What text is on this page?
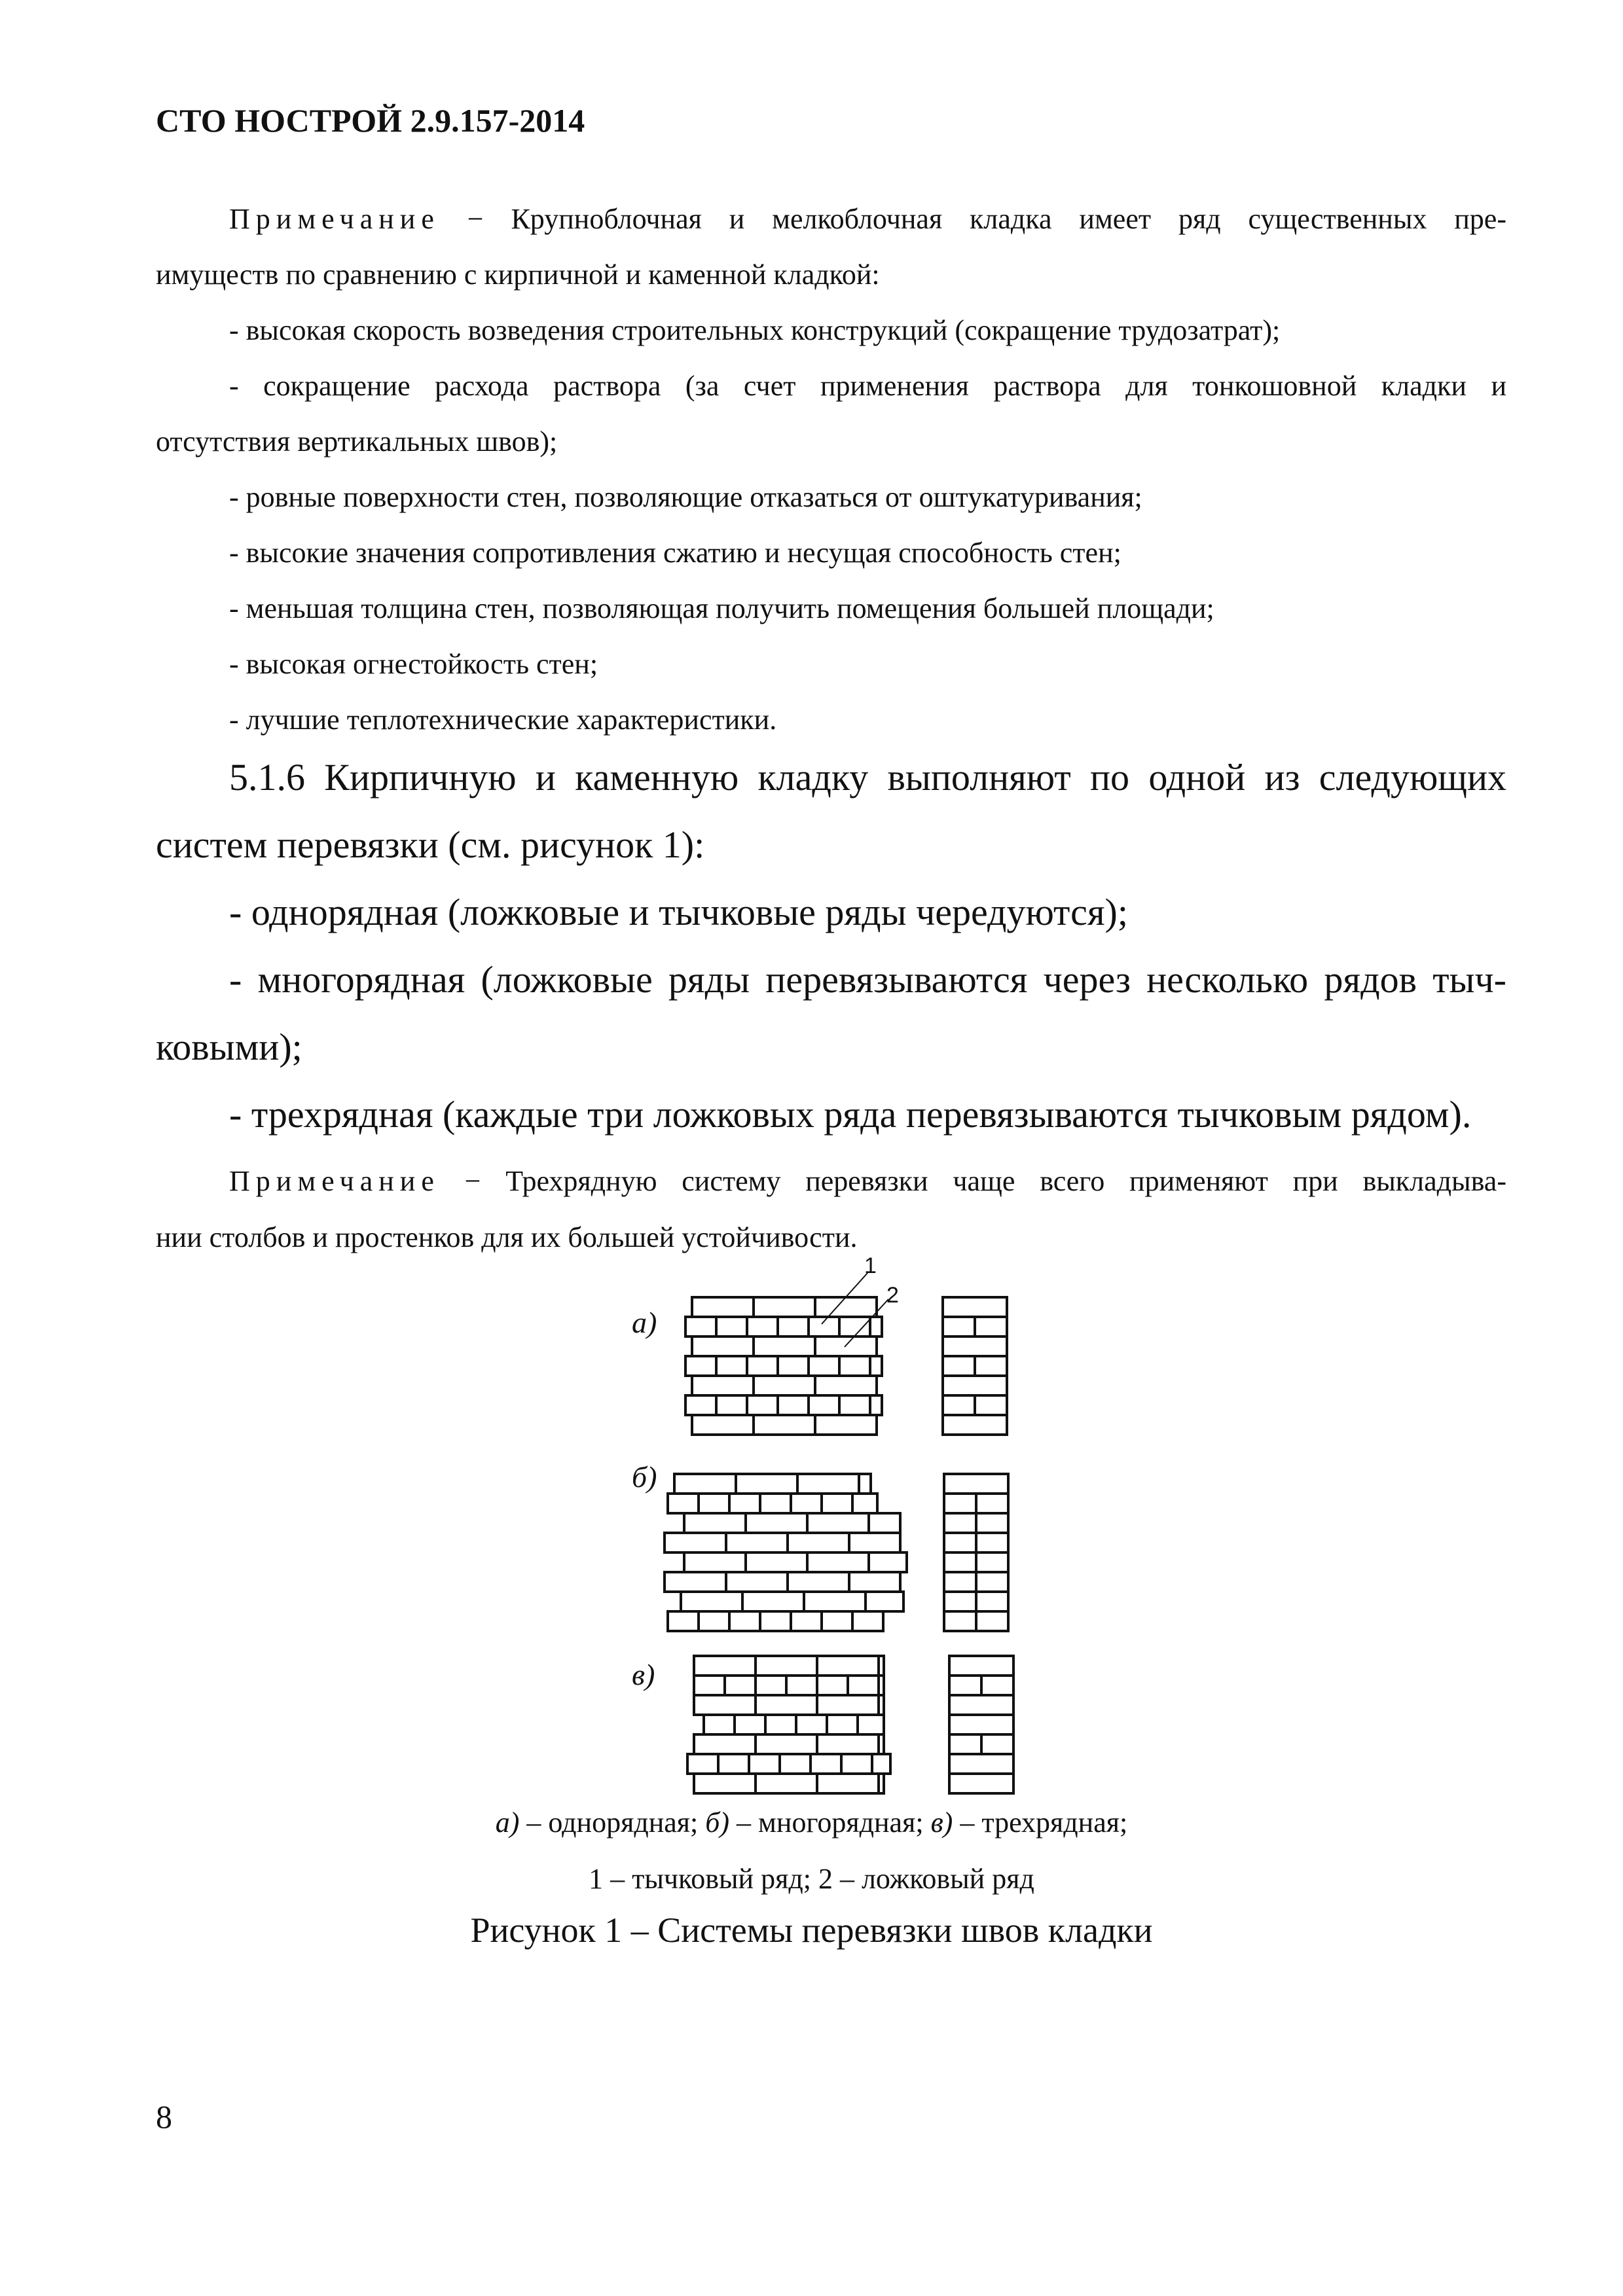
СТО НОСТРОЙ 2.9.157-2014

Примечание − Крупноблочная и мелкоблочная кладка имеет ряд существенных пре-

имуществ по сравнению с кирпичной и каменной кладкой:

- высокая скорость возведения строительных конструкций (сокращение трудозатрат);

- сокращение расхода раствора (за счет применения раствора для тонкошовной кладки и

отсутствия вертикальных швов);

- ровные поверхности стен, позволяющие отказаться от оштукатуривания;

- высокие значения сопротивления сжатию и несущая способность стен;

- меньшая толщина стен, позволяющая получить помещения большей площади;

- высокая огнестойкость стен;

- лучшие теплотехнические характеристики.

5.1.6 Кирпичную и каменную кладку выполняют по одной из следующих

систем перевязки (см. рисунок 1):

- однорядная (ложковые и тычковые ряды чередуются);

- многорядная (ложковые ряды перевязываются через несколько рядов тыч-

ковыми);

- трехрядная (каждые три ложковых ряда перевязываются тычковым рядом).

Примечание − Трехрядную систему перевязки чаще всего применяют при выкладыва-

нии столбов и простенков для их большей устойчивости.

1
2
а)
б)
в)

а) – однорядная; б) – многорядная; в) – трехрядная;

1 – тычковый ряд; 2 – ложковый ряд

Рисунок 1 – Системы перевязки швов кладки

8
